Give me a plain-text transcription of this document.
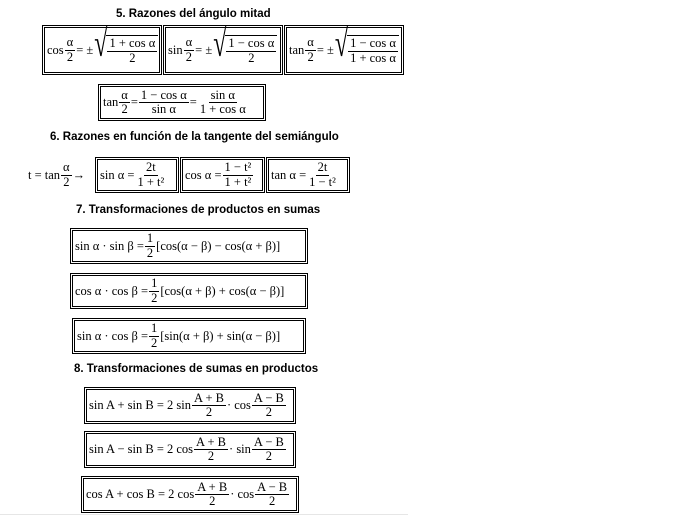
5. Razones del ángulo mitad
$\cos \frac{\alpha}{2}$ = ± √ $\frac{\text{1 + cos α}}{2}$ $\sin \frac{\alpha}{2}$ = ± √ $\frac{\text{1 − cos α}}{2}$ $\tan \frac{\alpha}{2}$ = ± √ $\frac{\text{1 − cos α}}{\text{1 + cos α}}$
$\tan \frac{\alpha}{2} = \frac{\text{1 − cos α}}{\text{sin α}} = \frac{\text{sin α}}{\text{1 + cos α}}$
6. Razones en función de la tangente del semiángulo
$t = \tan \frac{\alpha}{2} \to \sin \alpha = \frac{2t}{\text{1 + t²}}$ $\cos \alpha = \frac{\text{1 − t²}}{\text{1 + t²}}$ $\tan \alpha = \frac{2t}{\text{1 − t²}}$
7. Transformaciones de productos en sumas
$\sin \alpha \cdot \sin \beta = \frac{1}{2} [\cos(\alpha - \beta) - \cos(\alpha + \beta)]$
$\cos \alpha \cdot \cos \beta = \frac{1}{2} [\cos(\alpha + \beta) + \cos(\alpha - \beta)]$
$\sin \alpha \cdot \cos \beta = \frac{1}{2} [\sin(\alpha + \beta) + \sin(\alpha - \beta)]$
8. Transformaciones de sumas en productos
sin A + sin B = 2 $\sin \frac{A + B}{2} \cdot \cos \frac{A - B}{2}$
sin A − sin B = 2 $\cos \frac{A + B}{2} \cdot \sin \frac{A - B}{2}$
cos A + cos B = 2 $\cos \frac{A + B}{2} \cdot \cos \frac{A - B}{2}$
